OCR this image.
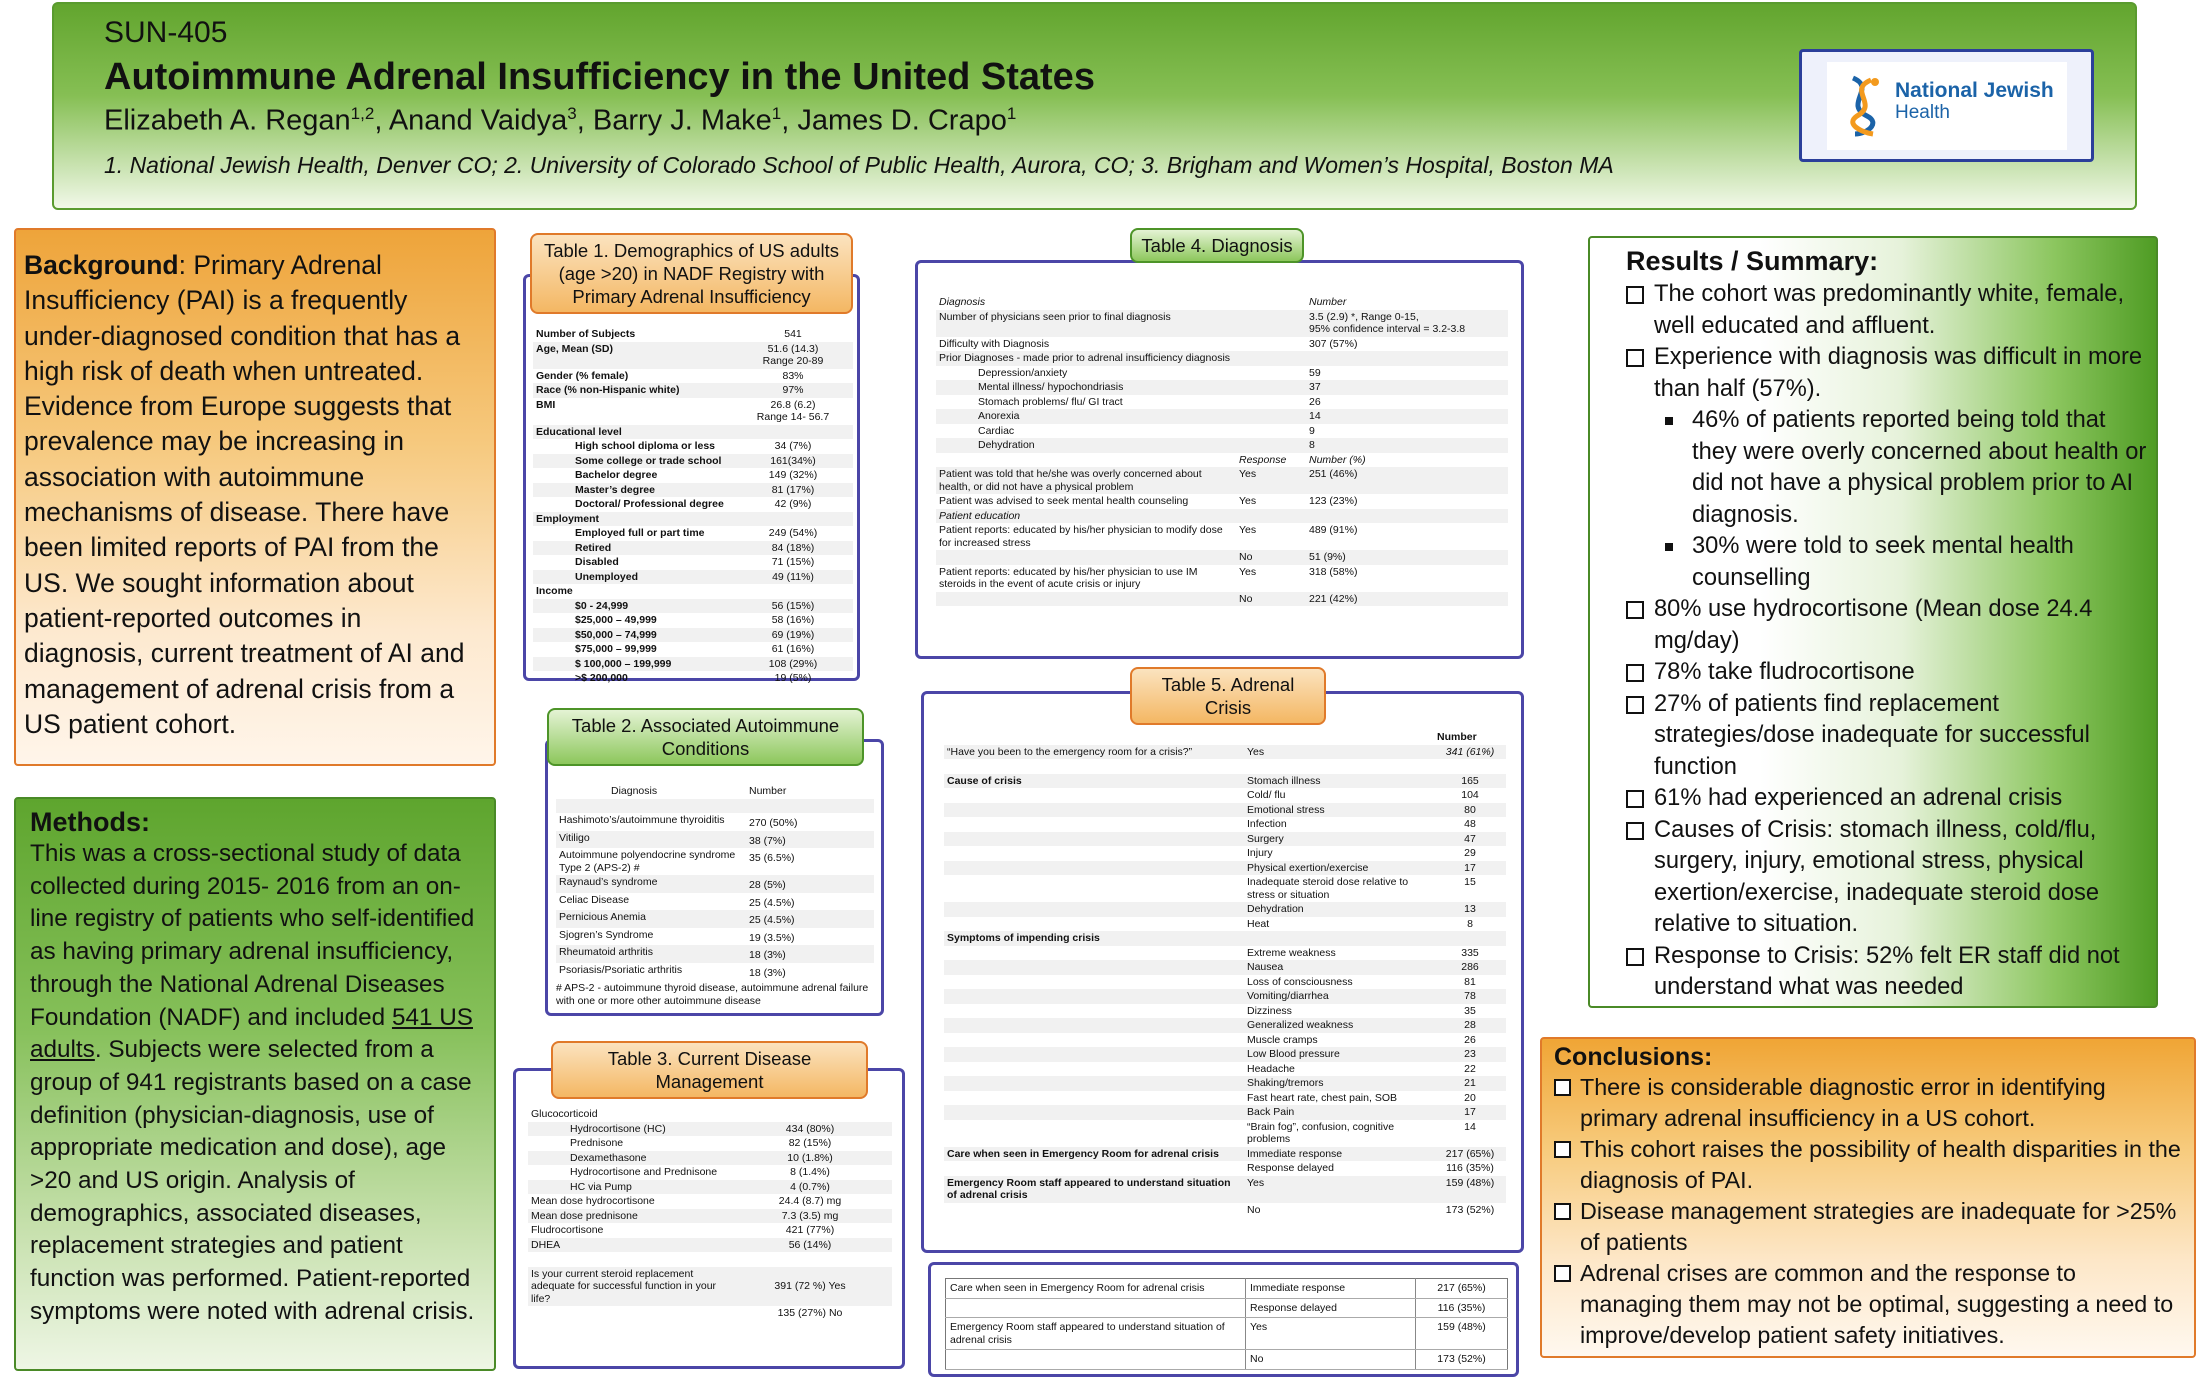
SUN-405
Autoimmune Adrenal Insufficiency in the United States
Elizabeth A. Regan$^{1,2}$, Anand Vaidya$^3$, Barry J. Make$^1$, James D. Crapo$^1$
1. National Jewish Health, Denver CO; 2. University of Colorado School of Public Health, Aurora, CO; 3. Brigham and Women’s Hospital, Boston MA
National Jewish
Health
Background: Primary Adrenal Insufficiency (PAI) is a frequently under-diagnosed condition that has a high risk of death when untreated. Evidence from Europe suggests that prevalence may be increasing in association with autoimmune mechanisms of disease. There have been limited reports of PAI from the US. We sought information about patient-reported outcomes in diagnosis, current treatment of AI and management of adrenal crisis from a US patient cohort.
Methods:
This was a cross-sectional study of data collected during 2015- 2016 from an on-line registry of patients who self-identified as having primary adrenal insufficiency, through the National Adrenal Diseases Foundation (NADF) and included 541 US adults. Subjects were selected from a group of 941 registrants based on a case definition (physician-diagnosis, use of appropriate medication and dose), age >20 and US origin. Analysis of demographics, associated diseases, replacement strategies and patient function was performed. Patient-reported symptoms were noted with adrenal crisis.
Number of Subjects	541
Age, Mean (SD)	51.6 (14.3)
Range 20-89
Gender (% female)	83%
Race (% non-Hispanic white)	97%
BMI	26.8 (6.2)
Range 14- 56.7
Educational level	
High school diploma or less	34 (7%)
Some college or trade school	161(34%)
Bachelor degree	149 (32%)
Master’s degree	81 (17%)
Doctoral/ Professional degree	42 (9%)
Employment	
Employed full or part time	249 (54%)
Retired	84 (18%)
Disabled	71 (15%)
Unemployed	49 (11%)
Income	
$0 - 24,999	56 (15%)
$25,000 – 49,999	58 (16%)
$50,000 – 74,999	69 (19%)
$75,000 – 99,999	61 (16%)
$ 100,000 – 199,999	108 (29%)
>$ 200,000	19 (5%)
Table 1. Demographics of US adults (age >20) in NADF Registry with Primary Adrenal Insufficiency
Diagnosis	Number

Hashimoto’s/autoimmune thyroiditis	270 (50%)
Vitiligo	38 (7%)
Autoimmune polyendocrine syndrome Type 2 (APS-2) #	35 (6.5%)
Raynaud’s syndrome	28 (5%)
Celiac Disease	25 (4.5%)
Pernicious Anemia	25 (4.5%)
Sjogren’s Syndrome	19 (3.5%)
Rheumatoid arthritis	18 (3%)
Psoriasis/Psoriatic arthritis	18 (3%)
# APS-2 - autoimmune thyroid disease, autoimmune adrenal failure with one or more other autoimmune disease
Table 2. Associated Autoimmune Conditions
Glucocorticoid	
Hydrocortisone (HC)	434 (80%)
Prednisone	82 (15%)
Dexamethasone	10 (1.8%)
Hydrocortisone and Prednisone	8 (1.4%)
HC via Pump	4 (0.7%)
Mean dose hydrocortisone	24.4 (8.7) mg
Mean dose prednisone	7.3 (3.5) mg
Fludrocortisone	421 (77%)
DHEA	56 (14%)

Is your current steroid replacement adequate for successful function in your life?	391 (72 %) Yes
	135 (27%) No
Table 3. Current Disease Management
Diagnosis		Number
Number of physicians seen prior to final diagnosis		3.5 (2.9) *, Range 0-15,
95% confidence interval = 3.2-3.8
Difficulty with Diagnosis		307 (57%)
Prior Diagnoses - made prior to adrenal insufficiency diagnosis		
Depression/anxiety		59
Mental illness/ hypochondriasis		37
Stomach problems/ flu/ GI tract		26
Anorexia		14
Cardiac		9
Dehydration		8
	Response	Number (%)
Patient was told that he/she was overly concerned about health, or did not have a physical problem	Yes	251 (46%)
Patient was advised to seek mental health counseling	Yes	123 (23%)
Patient education		
Patient reports: educated by his/her physician to modify dose for increased stress	Yes	489 (91%)
	No	51 (9%)
Patient reports: educated by his/her physician to use IM steroids in the event of acute crisis or injury	Yes	318 (58%)
	No	221 (42%)
Table 4. Diagnosis
		Number
“Have you been to the emergency room for a crisis?”	Yes	341 (61%)

Cause of crisis	Stomach illness	165
	Cold/ flu	104
	Emotional stress	80
	Infection	48
	Surgery	47
	Injury	29
	Physical exertion/exercise	17
	Inadequate steroid dose relative to stress or situation	15
	Dehydration	13
	Heat	8
Symptoms of impending crisis		
	Extreme weakness	335
	Nausea	286
	Loss of consciousness	81
	Vomiting/diarrhea	78
	Dizziness	35
	Generalized weakness	28
	Muscle cramps	26
	Low Blood pressure	23
	Headache	22
	Shaking/tremors	21
	Fast heart rate, chest pain, SOB	20
	Back Pain	17
	“Brain fog”, confusion, cognitive problems	14
Care when seen in Emergency Room for adrenal crisis	Immediate response	217 (65%)
	Response delayed	116 (35%)
Emergency Room staff appeared to understand situation of adrenal crisis	Yes	159 (48%)
	No	173 (52%)
Table 5. Adrenal Crisis
Care when seen in Emergency Room for adrenal crisis	Immediate response	217 (65%)
	Response delayed	116 (35%)
Emergency Room staff appeared to understand situation of adrenal crisis	Yes	159 (48%)
	No	173 (52%)
Results / Summary:
The cohort was predominantly white, female, well educated and affluent.
Experience with diagnosis was difficult in more than half (57%).
46% of patients reported being told that they were overly concerned about health or did not have a physical problem prior to AI diagnosis.
30% were told to seek mental health counselling
80% use hydrocortisone (Mean dose 24.4 mg/day)
78% take fludrocortisone
27% of patients find replacement strategies/dose inadequate for successful function
61% had experienced an adrenal crisis
Causes of Crisis: stomach illness, cold/flu, surgery, injury, emotional stress, physical exertion/exercise, inadequate steroid dose relative to situation.
Response to Crisis: 52% felt ER staff did not understand what was needed
Conclusions:
There is considerable diagnostic error in identifying primary adrenal insufficiency in a US cohort.
This cohort raises the possibility of health disparities in the diagnosis of PAI.
Disease management strategies are inadequate for >25% of patients
Adrenal crises are common and the response to managing them may not be optimal, suggesting a need to improve/develop patient safety initiatives.
